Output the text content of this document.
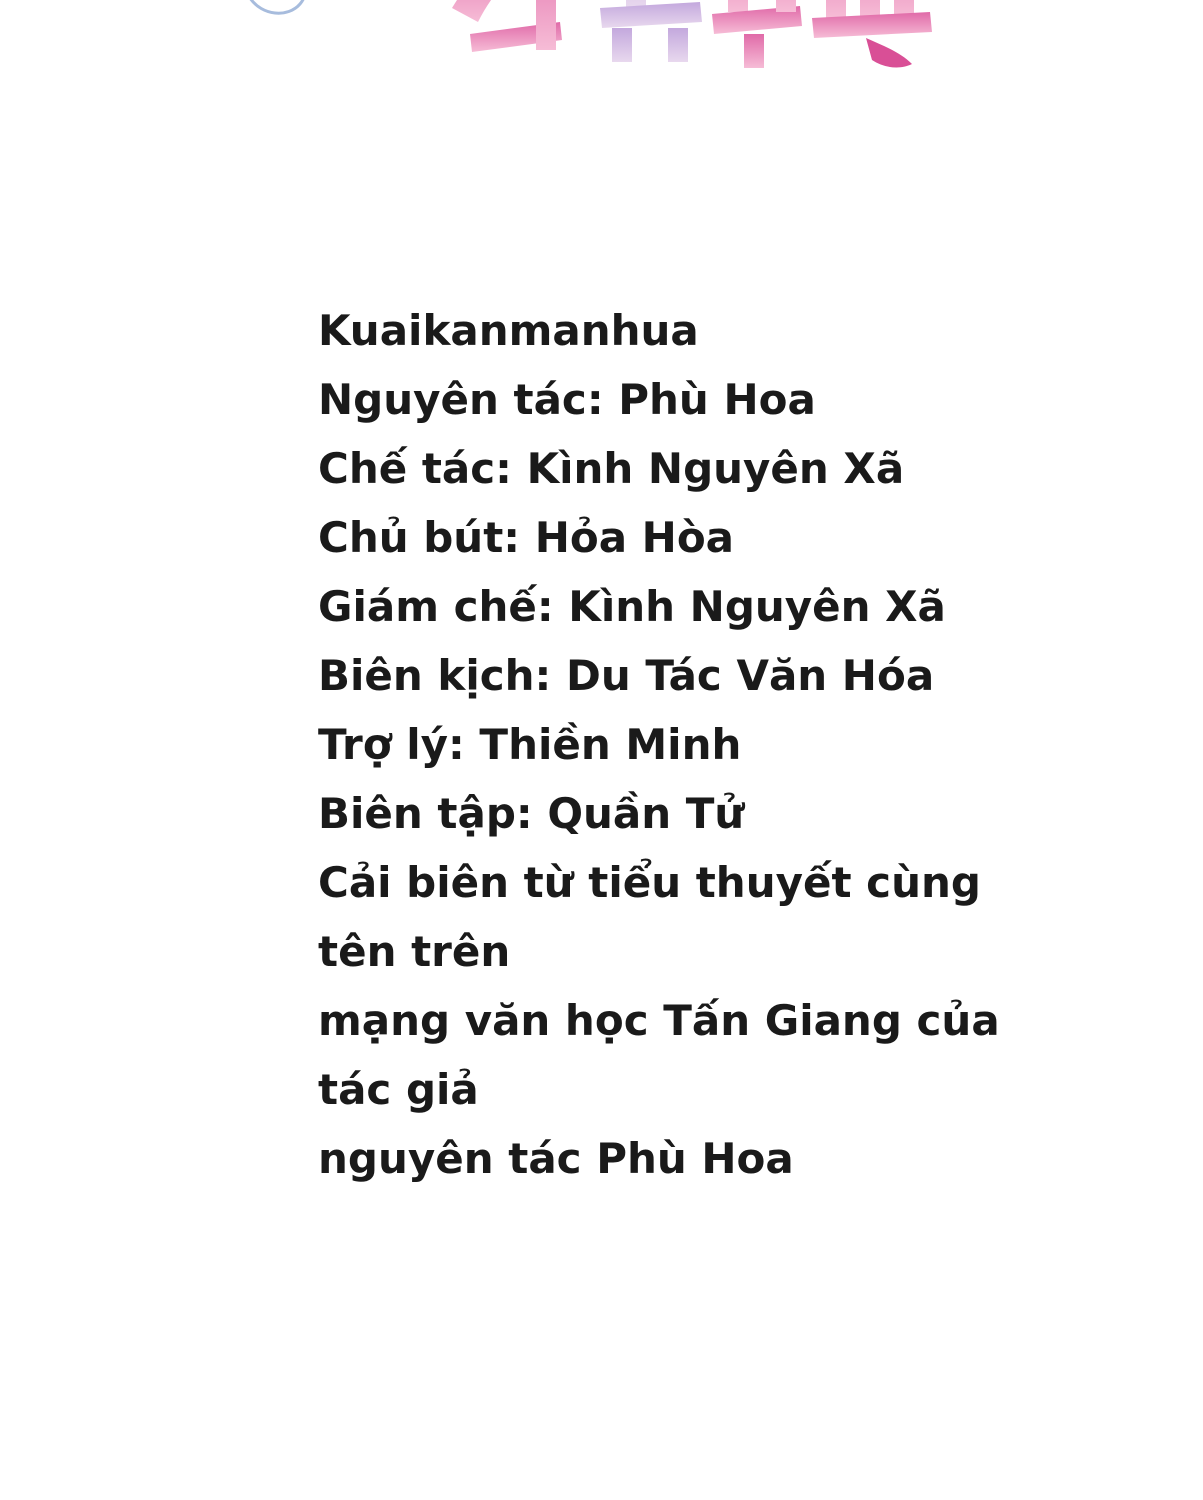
Kuaikanmanhua
Nguyên tác: Phù Hoa
Chế tác: Kình Nguyên Xã
Chủ bút: Hỏa Hòa
Giám chế: Kình Nguyên Xã
Biên kịch: Du Tác Văn Hóa
Trợ lý: Thiền Minh
Biên tập: Quần Tử
Cải biên từ tiểu thuyết cùng tên trên
mạng văn học Tấn Giang của tác giả
nguyên tác Phù Hoa
